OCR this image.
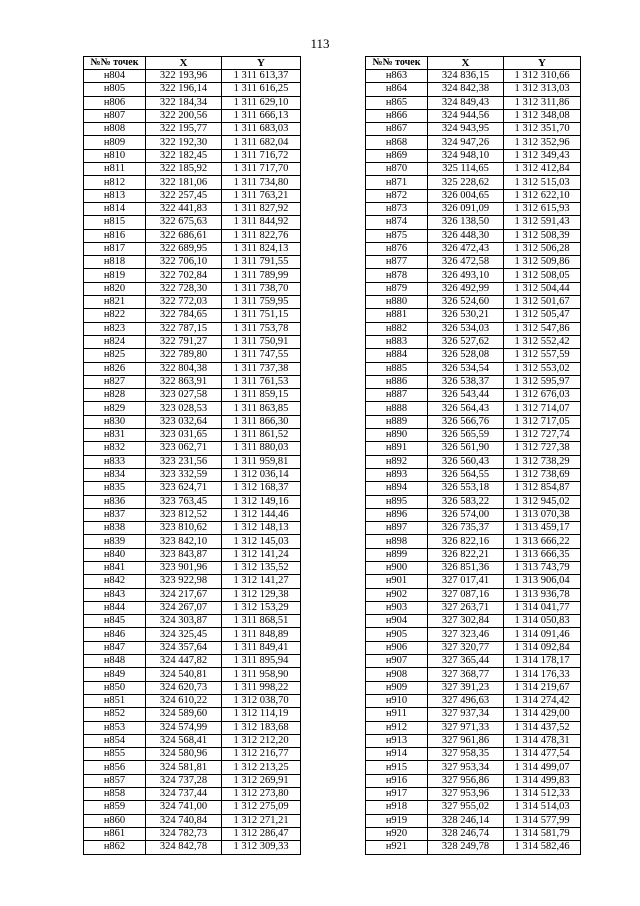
113
№№ точек	X	Y
н804	322 193,96	1 311 613,37
н805	322 196,14	1 311 616,25
н806	322 184,34	1 311 629,10
н807	322 200,56	1 311 666,13
н808	322 195,77	1 311 683,03
н809	322 192,30	1 311 682,04
н810	322 182,45	1 311 716,72
н811	322 185,92	1 311 717,70
н812	322 181,06	1 311 734,80
н813	322 257,45	1 311 763,21
н814	322 441,83	1 311 827,92
н815	322 675,63	1 311 844,92
н816	322 686,61	1 311 822,76
н817	322 689,95	1 311 824,13
н818	322 706,10	1 311 791,55
н819	322 702,84	1 311 789,99
н820	322 728,30	1 311 738,70
н821	322 772,03	1 311 759,95
н822	322 784,65	1 311 751,15
н823	322 787,15	1 311 753,78
н824	322 791,27	1 311 750,91
н825	322 789,80	1 311 747,55
н826	322 804,38	1 311 737,38
н827	322 863,91	1 311 761,53
н828	323 027,58	1 311 859,15
н829	323 028,53	1 311 863,85
н830	323 032,64	1 311 866,30
н831	323 031,65	1 311 861,52
н832	323 062,71	1 311 880,03
н833	323 231,56	1 311 959,81
н834	323 332,59	1 312 036,14
н835	323 624,71	1 312 168,37
н836	323 763,45	1 312 149,16
н837	323 812,52	1 312 144,46
н838	323 810,62	1 312 148,13
н839	323 842,10	1 312 145,03
н840	323 843,87	1 312 141,24
н841	323 901,96	1 312 135,52
н842	323 922,98	1 312 141,27
н843	324 217,67	1 312 129,38
н844	324 267,07	1 312 153,29
н845	324 303,87	1 311 868,51
н846	324 325,45	1 311 848,89
н847	324 357,64	1 311 849,41
н848	324 447,82	1 311 895,94
н849	324 540,81	1 311 958,90
н850	324 620,73	1 311 998,22
н851	324 610,22	1 312 038,70
н852	324 589,60	1 312 114,19
н853	324 574,99	1 312 183,68
н854	324 568,41	1 312 212,20
н855	324 580,96	1 312 216,77
н856	324 581,81	1 312 213,25
н857	324 737,28	1 312 269,91
н858	324 737,44	1 312 273,80
н859	324 741,00	1 312 275,09
н860	324 740,84	1 312 271,21
н861	324 782,73	1 312 286,47
н862	324 842,78	1 312 309,33
№№ точек	X	Y
н863	324 836,15	1 312 310,66
н864	324 842,38	1 312 313,03
н865	324 849,43	1 312 311,86
н866	324 944,56	1 312 348,08
н867	324 943,95	1 312 351,70
н868	324 947,26	1 312 352,96
н869	324 948,10	1 312 349,43
н870	325 114,65	1 312 412,84
н871	325 228,62	1 312 515,03
н872	326 004,65	1 312 622,10
н873	326 091,09	1 312 615,93
н874	326 138,50	1 312 591,43
н875	326 448,30	1 312 508,39
н876	326 472,43	1 312 506,28
н877	326 472,58	1 312 509,86
н878	326 493,10	1 312 508,05
н879	326 492,99	1 312 504,44
н880	326 524,60	1 312 501,67
н881	326 530,21	1 312 505,47
н882	326 534,03	1 312 547,86
н883	326 527,62	1 312 552,42
н884	326 528,08	1 312 557,59
н885	326 534,54	1 312 553,02
н886	326 538,37	1 312 595,97
н887	326 543,44	1 312 676,03
н888	326 564,43	1 312 714,07
н889	326 566,76	1 312 717,05
н890	326 565,59	1 312 727,74
н891	326 561,90	1 312 727,38
н892	326 560,43	1 312 738,29
н893	326 564,55	1 312 738,69
н894	326 553,18	1 312 854,87
н895	326 583,22	1 312 945,02
н896	326 574,00	1 313 070,38
н897	326 735,37	1 313 459,17
н898	326 822,16	1 313 666,22
н899	326 822,21	1 313 666,35
н900	326 851,36	1 313 743,79
н901	327 017,41	1 313 906,04
н902	327 087,16	1 313 936,78
н903	327 263,71	1 314 041,77
н904	327 302,84	1 314 050,83
н905	327 323,46	1 314 091,46
н906	327 320,77	1 314 092,84
н907	327 365,44	1 314 178,17
н908	327 368,77	1 314 176,33
н909	327 391,23	1 314 219,67
н910	327 496,63	1 314 274,42
н911	327 937,34	1 314 429,00
н912	327 971,33	1 314 437,52
н913	327 961,86	1 314 478,31
н914	327 958,35	1 314 477,54
н915	327 953,34	1 314 499,07
н916	327 956,86	1 314 499,83
н917	327 953,96	1 314 512,33
н918	327 955,02	1 314 514,03
н919	328 246,14	1 314 577,99
н920	328 246,74	1 314 581,79
н921	328 249,78	1 314 582,46
